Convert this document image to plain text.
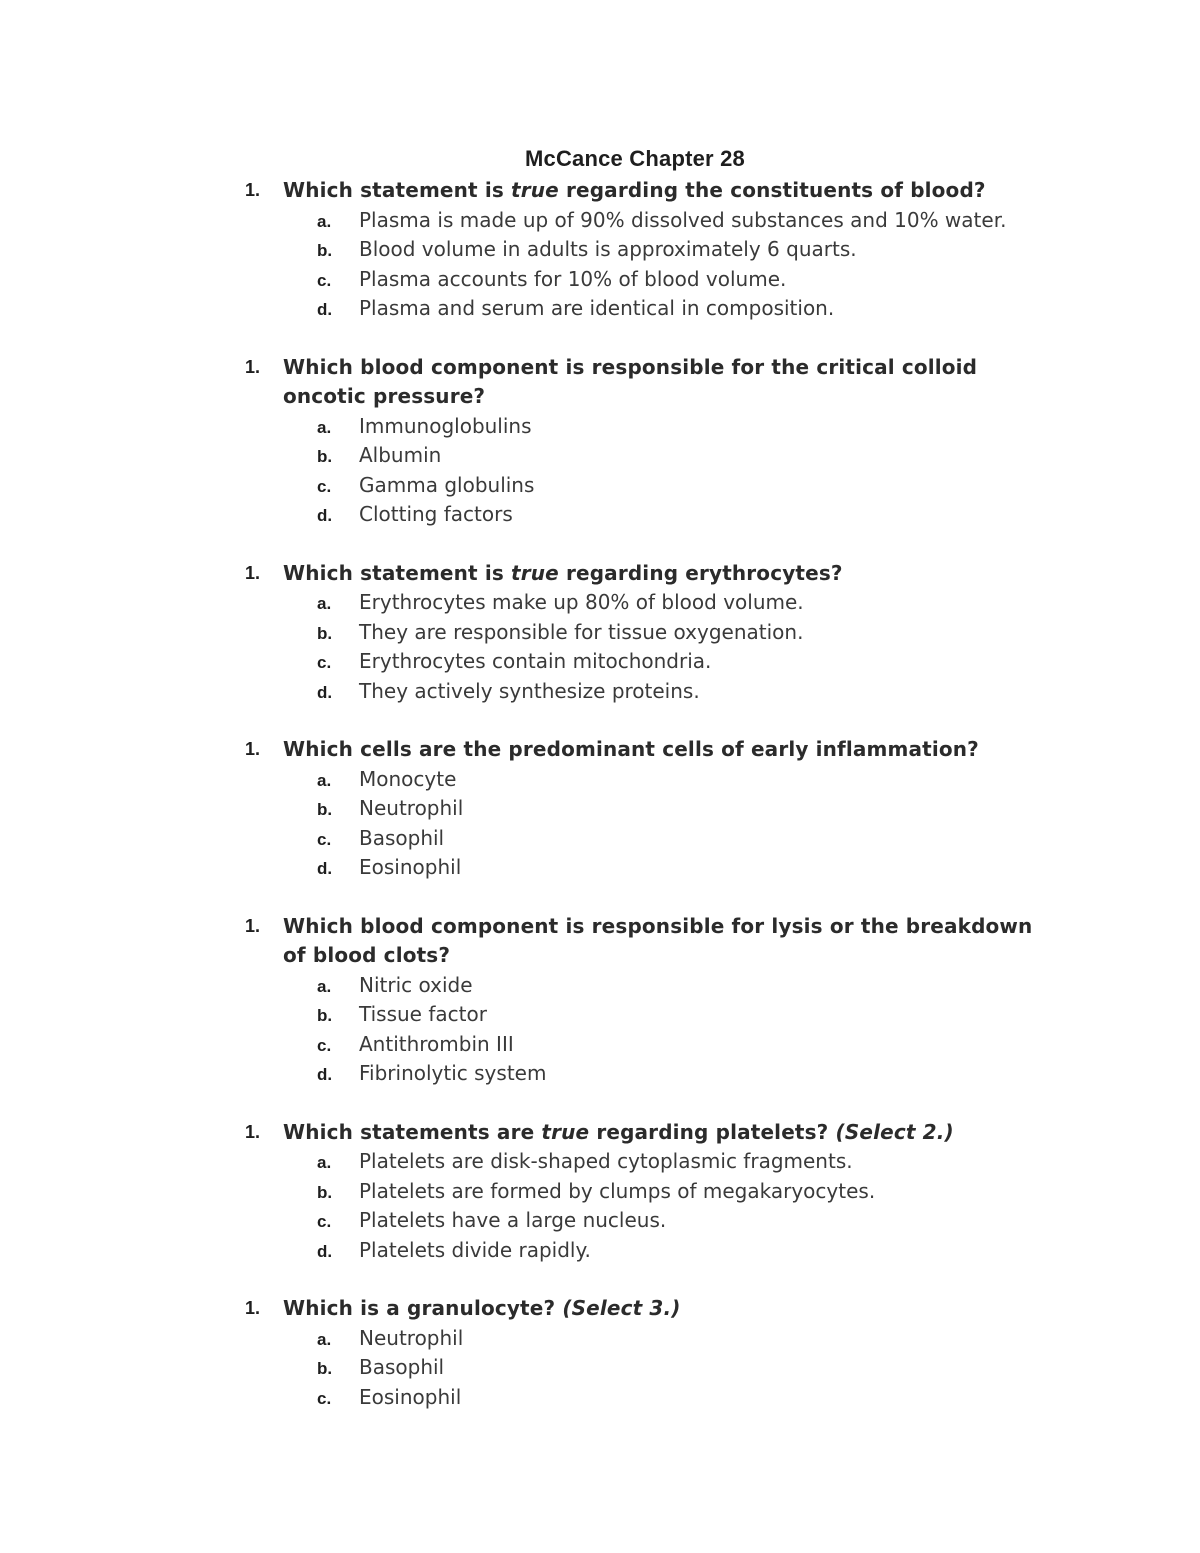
McCance Chapter 28
1. Which statement is true regarding the constituents of blood?
a. Plasma is made up of 90% dissolved substances and 10% water.
b. Blood volume in adults is approximately 6 quarts.
c. Plasma accounts for 10% of blood volume.
d. Plasma and serum are identical in composition.
1. Which blood component is responsible for the critical colloid oncotic pressure?
a. Immunoglobulins
b. Albumin
c. Gamma globulins
d. Clotting factors
1. Which statement is true regarding erythrocytes?
a. Erythrocytes make up 80% of blood volume.
b. They are responsible for tissue oxygenation.
c. Erythrocytes contain mitochondria.
d. They actively synthesize proteins.
1. Which cells are the predominant cells of early inflammation?
a. Monocyte
b. Neutrophil
c. Basophil
d. Eosinophil
1. Which blood component is responsible for lysis or the breakdown of blood clots?
a. Nitric oxide
b. Tissue factor
c. Antithrombin III
d. Fibrinolytic system
1. Which statements are true regarding platelets? (Select 2.)
a. Platelets are disk-shaped cytoplasmic fragments.
b. Platelets are formed by clumps of megakaryocytes.
c. Platelets have a large nucleus.
d. Platelets divide rapidly.
1. Which is a granulocyte? (Select 3.)
a. Neutrophil
b. Basophil
c. Eosinophil
